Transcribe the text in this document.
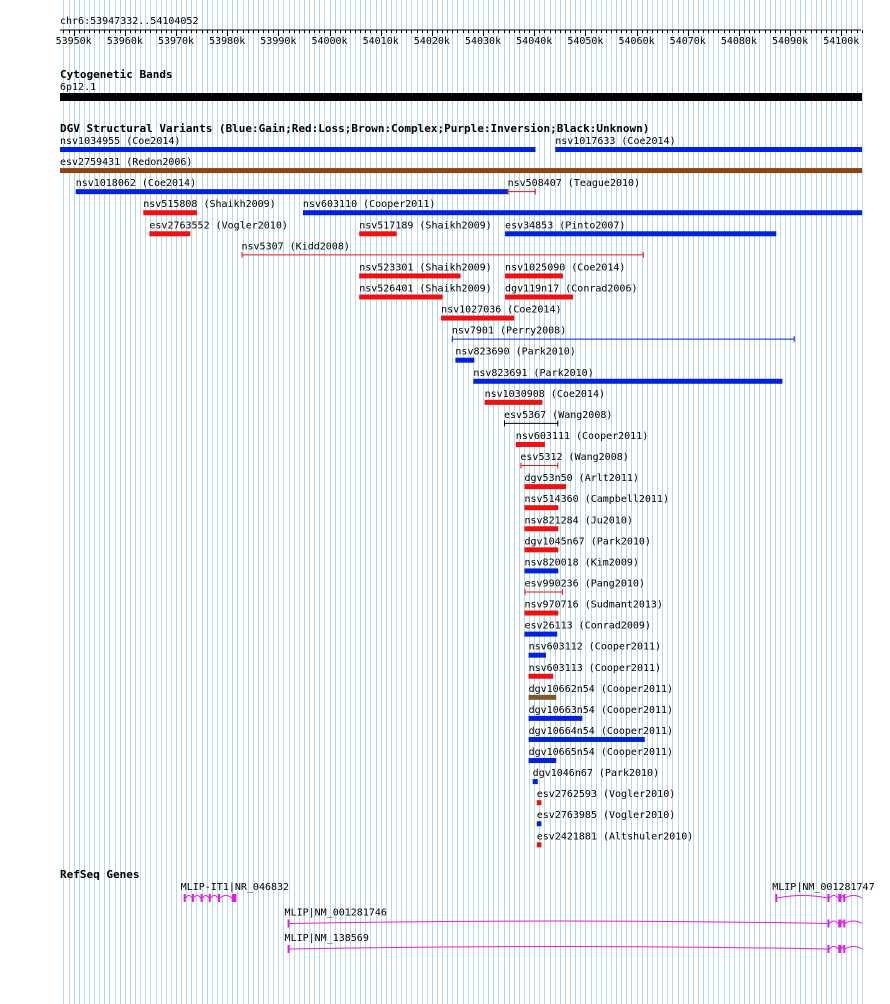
chr6:53947332..54104052
53950k 53960k 53970k 53980k 53990k 54000k 54010k 54020k 54030k 54040k 54050k 54060k 54070k 54080k 54090k 54100k
Cytogenetic Bands
6p12.1
DGV Structural Variants (Blue:Gain;Red:Loss;Brown:Complex;Purple:Inversion;Black:Unknown)
nsv1034955 (Coe2014)	nsv1017633 (Coe2014)
esv2759431 (Redon2006)
nsv1018062 (Coe2014)	nsv508407 (Teague2010)
nsv515808 (Shaikh2009)	nsv603110 (Cooper2011)
esv2763552 (Vogler2010)	nsv517189 (Shaikh2009) esv34853 (Pinto2007)
nsv5307 (Kidd2008)
nsv523301 (Shaikh2009) nsv1025090 (Coe2014)
nsv526401 (Shaikh2009) dgv119n17 (Conrad2006)
nsv1027036 (Coe2014)
nsv7901 (Perry2008)
nsv823690 (Park2010)
nsv823691 (Park2010)
nsv1030908 (Coe2014)
esv5367 (Wang2008)
nsv603111 (Cooper2011)
esv5312 (Wang2008)
dgv53n50 (Arlt2011)
nsv514360 (Campbell2011)
nsv821284 (Ju2010)
dgv1045n67 (Park2010)
nsv820018 (Kim2009)
esv990236 (Pang2010)
nsv970716 (Sudmant2013)
esv26113 (Conrad2009)
nsv603112 (Cooper2011)
nsv603113 (Cooper2011)
dgv10662n54 (Cooper2011)
dgv10663n54 (Cooper2011)
dgv10664n54 (Cooper2011)
dgv10665n54 (Cooper2011)
dgv1046n67 (Park2010)
esv2762593 (Vogler2010)
esv2763985 (Vogler2010)
esv2421881 (Altshuler2010)
RefSeq Genes
MLIP-IT1|NR_046832	MLIP|NM_001281747
MLIP|NM_001281746
MLIP|NM_138569
